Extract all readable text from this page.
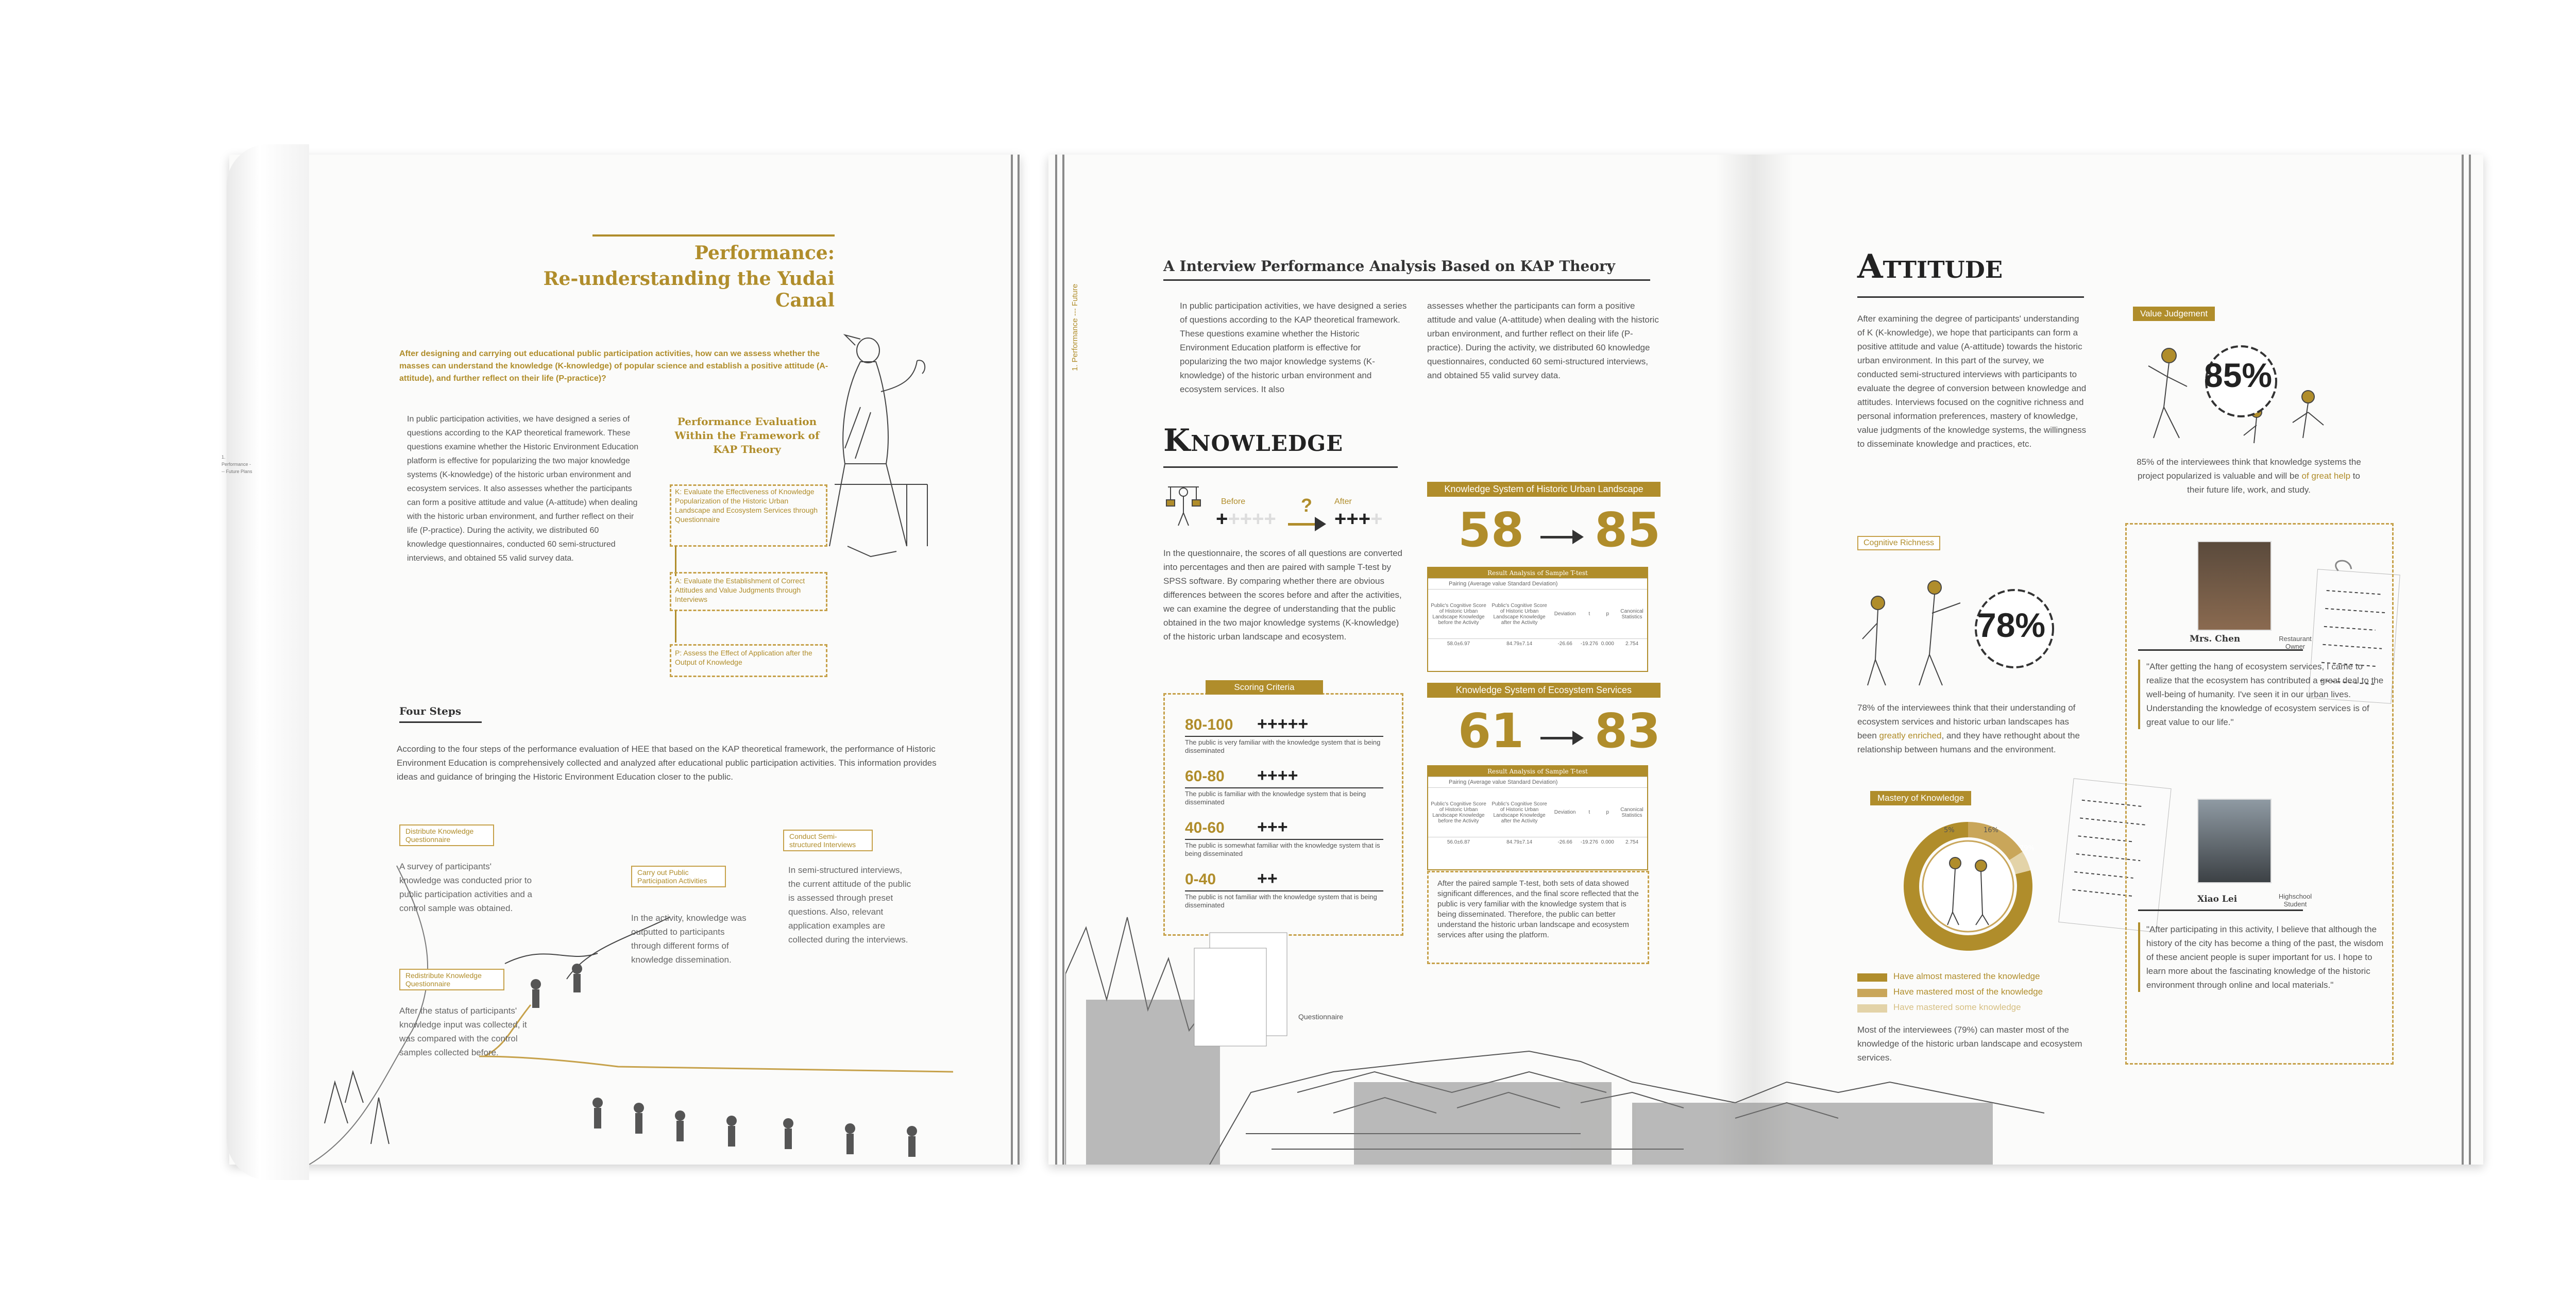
1. Performance --- Future Plans
Performance:
Re-understanding the Yudai Canal
After designing and carrying out educational public participation activities, how can we assess whether the masses can understand the knowledge (K-knowledge) of popular science and establish a positive attitude (A-attitude), and further reflect on their life (P-practice)?
In public participation activities, we have designed a series of questions according to the KAP theoretical framework. These questions examine whether the Historic Environment Education platform is effective for popularizing the two major knowledge systems (K-knowledge) of the historic urban environment and ecosystem services. It also assesses whether the participants can form a positive attitude and value (A-attitude) when dealing with the historic urban environment, and further reflect on their life (P-practice). During the activity, we distributed 60 knowledge questionnaires, conducted 60 semi-structured interviews, and obtained 55 valid survey data.
Performance Evaluation Within the Framework of KAP Theory
K: Evaluate the Effectiveness of Knowledge Popularization of the Historic Urban Landscape and Ecosystem Services through Questionnaire
A: Evaluate the Establishment of Correct Attitudes and Value Judgments through Interviews
P: Assess the Effect of Application after the Output of Knowledge
Four Steps
According to the four steps of the performance evaluation of HEE that based on the KAP theoretical framework, the performance of Historic Environment Education is comprehensively collected and analyzed after educational public participation activities. This information provides ideas and guidance of bringing the Historic Environment Education closer to the public.
Distribute Knowledge Questionnaire
A survey of participants' knowledge was conducted prior to public participation activities and a control sample was obtained.
Carry out Public Participation Activities
In the activity, knowledge was outputted to participants through different forms of knowledge dissemination.
Conduct Semi-structured Interviews
In semi-structured interviews, the current attitude of the public is assessed through preset questions. Also, relevant application examples are collected during the interviews.
Redistribute Knowledge Questionnaire
After the status of participants' knowledge input was collected, it was compared with the control samples collected before.
1. Performance --- Future
A Interview Performance Analysis Based on KAP Theory
In public participation activities, we have designed a series of questions according to the KAP theoretical framework. These questions examine whether the Historic Environment Education platform is effective for popularizing the two major knowledge systems (K-knowledge) of the historic urban environment and ecosystem services. It also
assesses whether the participants can form a positive attitude and value (A-attitude) when dealing with the historic urban environment, and further reflect on their life (P-practice). During the activity, we distributed 60 knowledge questionnaires, conducted 60 semi-structured interviews, and obtained 55 valid survey data.
Knowledge
Before
+++++
?	After
++++
In the questionnaire, the scores of all questions are converted into percentages and then are paired with sample T-test by SPSS software. By comparing whether there are obvious differences between the scores before and after the activities, we can examine the degree of understanding that the public obtained in the two major knowledge systems (K-knowledge) of the historic urban landscape and ecosystem.
Scoring Criteria
80-100 +++++
The public is very familiar with the knowledge system that is being disseminated
60-80 ++++
The public is familiar with the knowledge system that is being disseminated
40-60 +++
The public is somewhat familiar with the knowledge system that is being disseminated
0-40 ++
The public is not familiar with the knowledge system that is being disseminated
Questionnaire
Knowledge System of Historic Urban Landscape
58 85
Result Analysis of Sample T-test
Pairing (Average value Standard Deviation)
Public's Cognitive Score of Historic Urban Landscape Knowledge before the Activity
Public's Cognitive Score of Historic Urban Landscape Knowledge after the Activity
Deviation	t	p	Canonical Statistics
58.0±6.97	84.79±7.14	-26.66	-19.276 0.000	2.754
Knowledge System of Ecosystem Services
61 83
Result Analysis of Sample T-test
Pairing (Average value Standard Deviation)
Public's Cognitive Score of Historic Urban Landscape Knowledge before the Activity
Public's Cognitive Score of Historic Urban Landscape Knowledge after the Activity
Deviation	t	p	Canonical Statistics
56.0±6.87	84.79±7.14	-26.66	-19.276 0.000	2.754
After the paired sample T-test, both sets of data showed significant differences, and the final score reflected that the public is very familiar with the knowledge system that is being disseminated. Therefore, the public can better understand the historic urban landscape and ecosystem services after using the platform.
Attitude
After examining the degree of participants' understanding of K (K-knowledge), we hope that participants can form a positive attitude and value (A-attitude) towards the historic urban environment. In this part of the survey, we conducted semi-structured interviews with participants to evaluate the degree of conversion between knowledge and attitudes. Interviews focused on the cognitive richness and personal information preferences, mastery of knowledge, value judgments of the knowledge systems, the willingness to disseminate knowledge and practices, etc.
Value Judgement
85%
85% of the interviewees think that knowledge systems the project popularized is valuable and will be of great help to their future life, work, and study.
Cognitive Richness
78%
78% of the interviewees think that their understanding of ecosystem services and historic urban landscapes has been greatly enriched, and they have rethought about the relationship between humans and the environment.
Mastery of Knowledge
5%	16%
79%
Have almost mastered the knowledge
Have mastered most of the knowledge
Have mastered some knowledge
Most of the interviewees (79%) can master most of the knowledge of the historic urban landscape and ecosystem services.
Mrs. Chen	Restaurant Owner
"After getting the hang of ecosystem services, I came to realize that the ecosystem has contributed a great deal to the well-being of humanity. I've seen it in our urban lives. Understanding the knowledge of ecosystem services is of great value to our life."
Xiao Lei	Highschool Student
"After participating in this activity, I believe that although the history of the city has become a thing of the past, the wisdom of these ancient people is super important for us. I hope to learn more about the fascinating knowledge of the historic environment through online and local materials."
